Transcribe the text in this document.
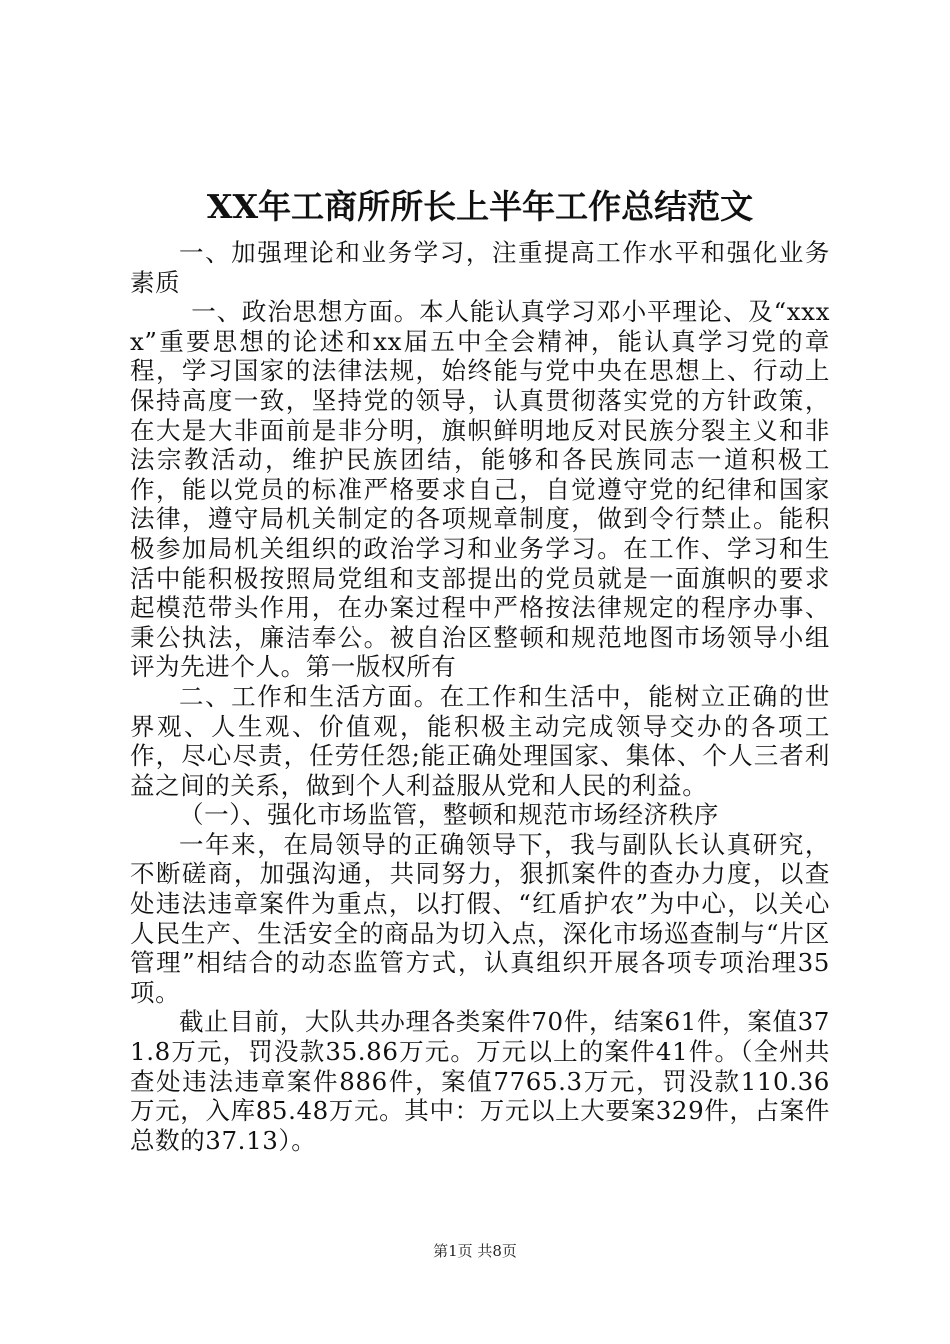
XX年工商所所长上半年工作总结范文

一、加强理论和业务学习，注重提高工作水平和强化业务素质

一、政治思想方面。本人能认真学习邓小平理论、及“xxxx”重要思想的论述和xx届五中全会精神，能认真学习党的章程，学习国家的法律法规，始终能与党中央在思想上、行动上保持高度一致，坚持党的领导，认真贯彻落实党的方针政策，在大是大非面前是非分明，旗帜鲜明地反对民族分裂主义和非法宗教活动，维护民族团结，能够和各民族同志一道积极工作，能以党员的标准严格要求自己，自觉遵守党的纪律和国家法律，遵守局机关制定的各项规章制度，做到令行禁止。能积极参加局机关组织的政治学习和业务学习。在工作、学习和生活中能积极按照局党组和支部提出的党员就是一面旗帜的要求起模范带头作用，在办案过程中严格按法律规定的程序办事、秉公执法，廉洁奉公。被自治区整顿和规范地图市场领导小组评为先进个人。第一版权所有

二、工作和生活方面。在工作和生活中，能树立正确的世界观、人生观、价值观，能积极主动完成领导交办的各项工作，尽心尽责，任劳任怨;能正确处理国家、集体、个人三者利益之间的关系，做到个人利益服从党和人民的利益。

（一）、强化市场监管，整顿和规范市场经济秩序

一年来，在局领导的正确领导下，我与副队长认真研究，不断磋商，加强沟通，共同努力，狠抓案件的查办力度，以查处违法违章案件为重点，以打假、“红盾护农”为中心，以关心人民生产、生活安全的商品为切入点，深化市场巡查制与“片区管理”相结合的动态监管方式，认真组织开展各项专项治理35项。

截止目前，大队共办理各类案件70件，结案61件，案值371.8万元，罚没款35.86万元。万元以上的案件41件。（全州共查处违法违章案件886件，案值7765.3万元，罚没款110.36万元，入库85.48万元。其中：万元以上大要案329件，占案件总数的37.13）。

第1页 共8页
